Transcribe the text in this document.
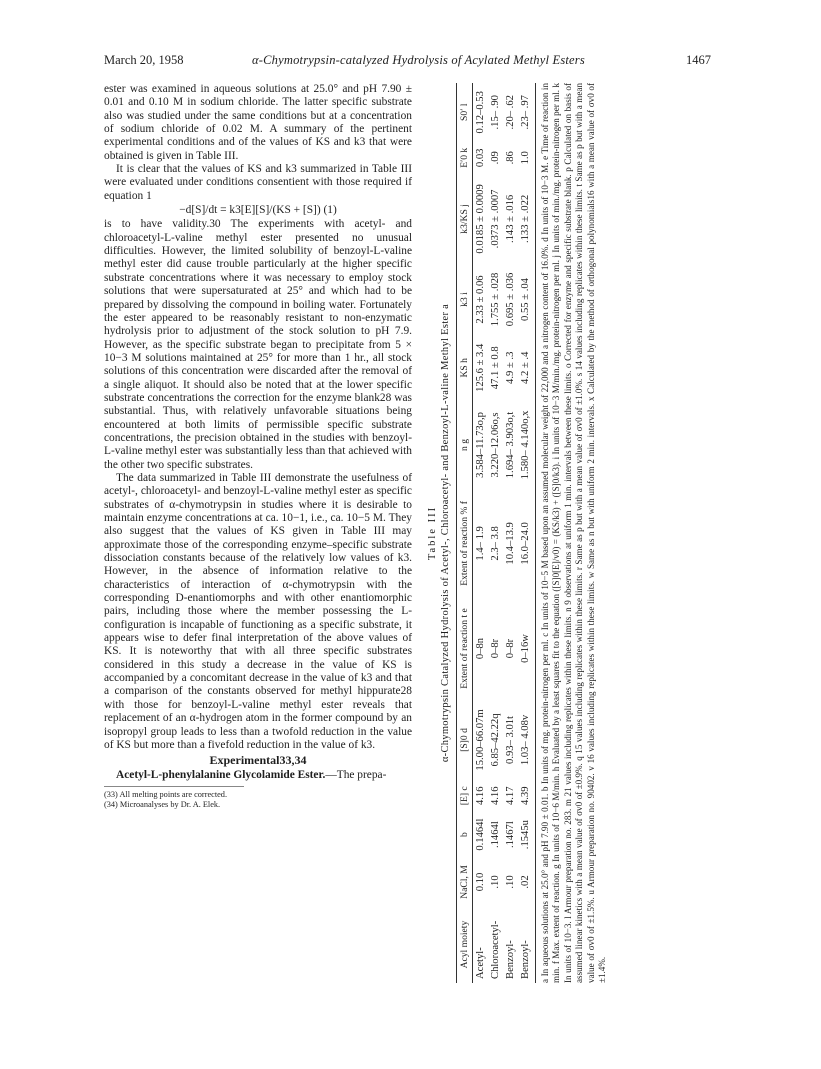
March 20, 1958	α-Chymotrypsin-catalyzed Hydrolysis of Acylated Methyl Esters	1467

ester was examined in aqueous solutions at 25.0° and pH 7.90 ± 0.01 and 0.10 M in sodium chloride. The latter specific substrate also was studied under the same conditions but at a concentration of sodium chloride of 0.02 M. A summary of the pertinent experimental conditions and of the values of KS and k3 that were obtained is given in Table III.

It is clear that the values of KS and k3 summarized in Table III were evaluated under conditions consentient with those required if equation 1

−d[S]/dt = k3[E][S]/(KS + [S]) (1)

is to have validity.30 The experiments with acetyl- and chloroacetyl-L-valine methyl ester presented no unusual difficulties. However, the limited solubility of benzoyl-L-valine methyl ester did cause trouble particularly at the higher specific substrate concentrations where it was necessary to employ stock solutions that were supersaturated at 25° and which had to be prepared by dissolving the compound in boiling water. Fortunately the ester appeared to be reasonably resistant to non-enzymatic hydrolysis prior to adjustment of the stock solution to pH 7.9. However, as the specific substrate began to precipitate from 5 × 10−3 M solutions maintained at 25° for more than 1 hr., all stock solutions of this concentration were discarded after the removal of a single aliquot. It should also be noted that at the lower specific substrate concentrations the correction for the enzyme blank28 was substantial. Thus, with relatively unfavorable situations being encountered at both limits of permissible specific substrate concentrations, the precision obtained in the studies with benzoyl-L-valine methyl ester was substantially less than that achieved with the other two specific substrates.

The data summarized in Table III demonstrate the usefulness of acetyl-, chloroacetyl- and benzoyl-L-valine methyl ester as specific substrates of α-chymotrypsin in studies where it is desirable to maintain enzyme concentrations at ca. 10−1, i.e., ca. 10−5 M. They also suggest that the values of KS given in Table III may approximate those of the corresponding enzyme–specific substrate dissociation constants because of the relatively low values of k3. However, in the absence of information relative to the characteristics of interaction of α-chymotrypsin with the corresponding D-enantiomorphs and with other enantiomorphic pairs, including those where the member possessing the L-configuration is incapable of functioning as a specific substrate, it appears wise to defer final interpretation of the above values of KS. It is noteworthy that with all three specific substrates considered in this study a decrease in the value of KS is accompanied by a concomitant decrease in the value of k3 and that a comparison of the constants observed for methyl hippurate28 with those for benzoyl-L-valine methyl ester reveals that replacement of an α-hydrogen atom in the former compound by an isopropyl group leads to less than a twofold reduction in the value of KS but more than a fivefold reduction in the value of k3.

Experimental33,34

Acetyl-L-phenylalanine Glycolamide Ester.—The prepa-

(33) All melting points are corrected.
(34) Microanalyses by Dr. A. Elek.
Table III α-Chymotrypsin Catalyzed Hydrolysis of Acetyl-, Chloroacetyl- and Benzoyl-L-valine Methyl Ester a
Acyl moiety	NaCl, M	b	[E] c	[S]0 d	Extent of reaction t e	Extent of reaction % f	n g	KS h	k3 i	k3/KS j	E′0 k	S0′ l
Acetyl-	0.10	0.1464l	4.16	15.00–66.07m	0–8n	1.4– 1.9	3.584–11.73o,p	125.6 ± 3.4	2.33 ± 0.06	0.0185 ± 0.0009	0.03	0.12–0.53
Chloroacetyl-	.10	.1464l	4.16	6.85–42.22q	0–8r	2.3– 3.8	3.220–12.06o,s	47.1 ± 0.8	1.755 ± .028	.0373 ± .0007	.09	.15– .90
Benzoyl-	.10	.1467l	4.17	0.93– 3.01t	0–8r	10.4–13.9	1.694– 3.903o,t	4.9 ± .3	0.695 ± .036	.143 ± .016	.86	.20– .62
Benzoyl-	.02	.1545u	4.39	1.03– 4.08v	0–16w	16.0–24.0	1.580– 4.140o,x	4.2 ± .4	0.55 ± .04	.133 ± .022	1.0	.23– .97 a In aqueous solutions at 25.0° and pH 7.90 ± 0.01. b In units of mg. protein-nitrogen per ml. c In units of 10−5 M based upon an assumed molecular weight of 22,000 and a nitrogen content of 16.0%. d In units of 10−3 M. e Time of reaction in min. f Max. extent of reaction. g In units of 10−6 M/min. h Evaluated by a least squares fit to the equation ([S]0[E]/v0) = (KS/k3) + ([S]0/k3). i In units of 10−3 M/min./mg. protein-nitrogen per ml. j In units of min./mg. protein-nitrogen per ml. k In units of 10−3. l Armour preparation no. 283. m 21 values including replicates within these limits. n 9 observations at uniform 1 min. intervals between these limits. o Corrected for enzyme and specific substrate blank. p Calculated on basis of assumed linear kinetics with a mean value of σv0 of ±0.9%. q 15 values including replicates within these limits. r Same as p but with a mean value of σv0 of ±1.0%. s 14 values including replicates within these limits. t Same as p but with a mean value of σv0 of ±1.5%. u Armour preparation no. 90402. v 16 values including replicates within these limits. w Same as n but with uniform 2 min. intervals. x Calculated by the method of orthogonal polynomials16 with a mean value of σv0 of ±1.4%.
